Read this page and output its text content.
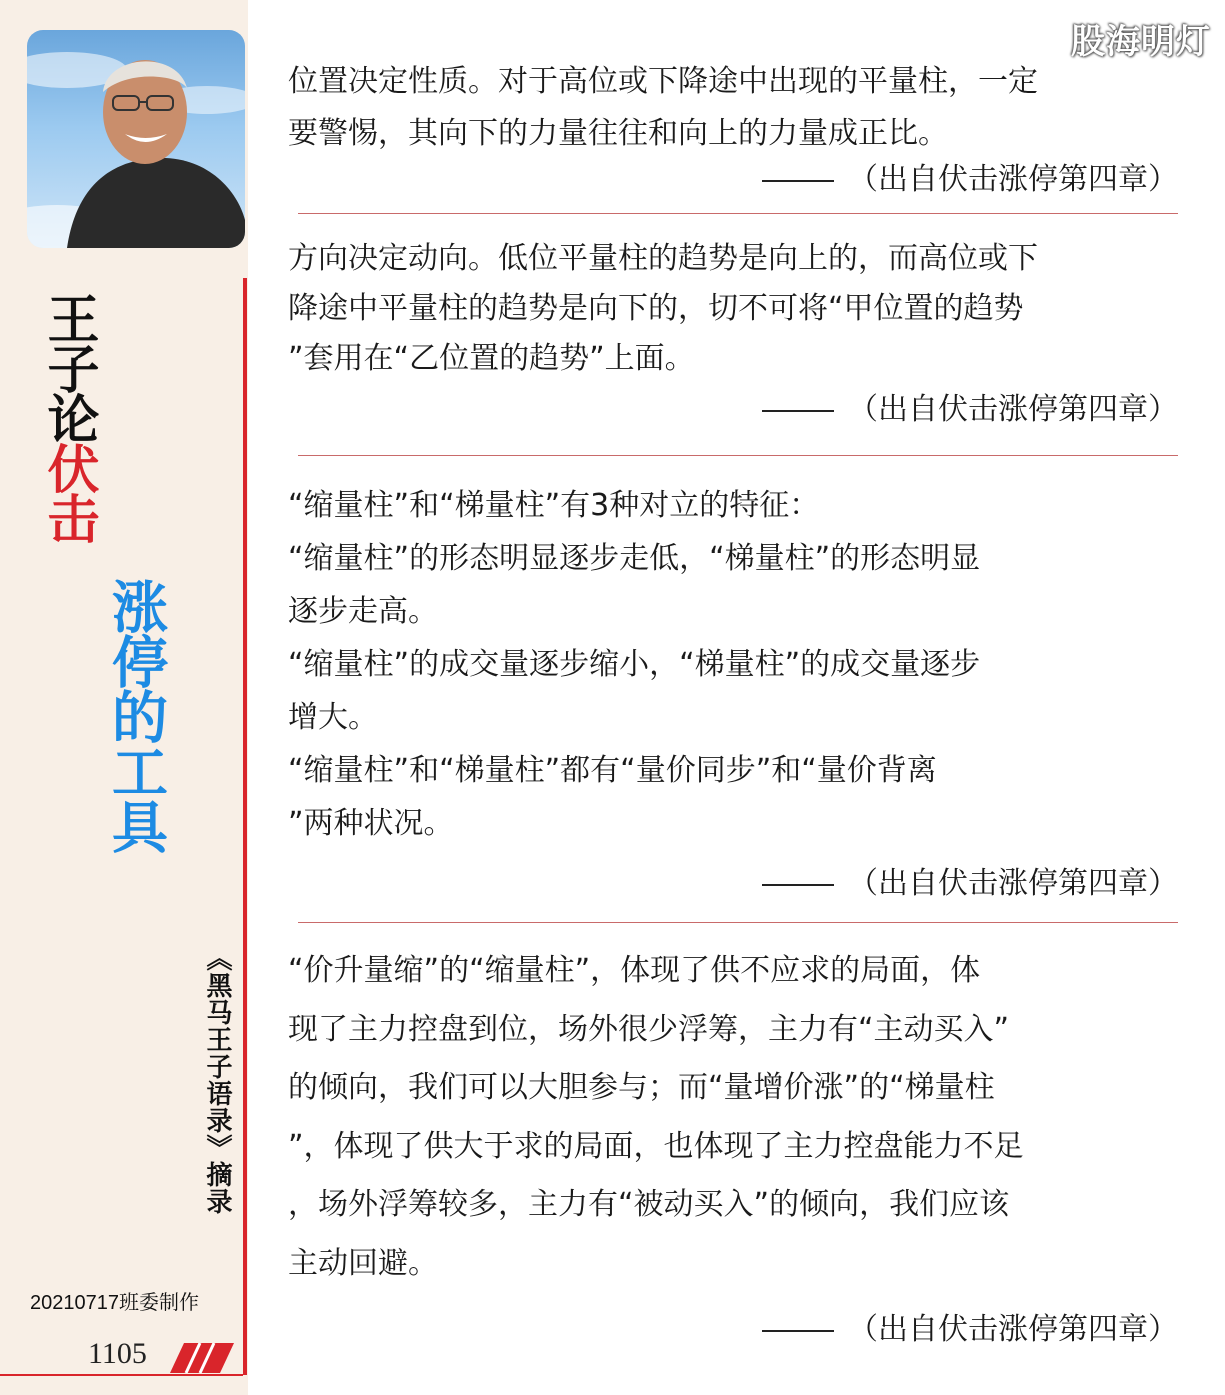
王子论伏击
涨停的工具
《黑马王子语录》摘录
20210717班委制作
1105
股海明灯

位置决定性质。对于高位或下降途中出现的平量柱，一定

要警惕，其向下的力量往往和向上的力量成正比。

（出自伏击涨停第四章）

方向决定动向。低位平量柱的趋势是向上的，而高位或下

降途中平量柱的趋势是向下的，切不可将“甲位置的趋势

”套用在“乙位置的趋势”上面。

（出自伏击涨停第四章）

“缩量柱”和“梯量柱”有3种对立的特征：

“缩量柱”的形态明显逐步走低，“梯量柱”的形态明显

逐步走高。

“缩量柱”的成交量逐步缩小，“梯量柱”的成交量逐步

增大。

“缩量柱”和“梯量柱”都有“量价同步”和“量价背离

”两种状况。

（出自伏击涨停第四章）

“价升量缩”的“缩量柱”，体现了供不应求的局面，体

现了主力控盘到位，场外很少浮筹，主力有“主动买入”

的倾向，我们可以大胆参与；而“量增价涨”的“梯量柱

”，体现了供大于求的局面，也体现了主力控盘能力不足

，场外浮筹较多，主力有“被动买入”的倾向，我们应该

主动回避。

（出自伏击涨停第四章）
